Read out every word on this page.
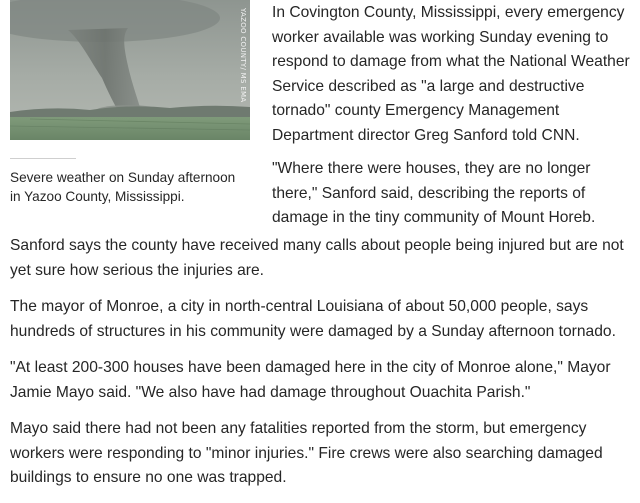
YAZOO COUNTY/ MS EMA
Severe weather on Sunday afternoon in Yazoo County, Mississippi.

In Covington County, Mississippi, every emergency worker available was working Sunday evening to respond to damage from what the National Weather Service described as "a large and destructive tornado" county Emergency Management Department director Greg Sanford told CNN.

"Where there were houses, they are no longer there," Sanford said, describing the reports of damage in the tiny community of Mount Horeb.

Sanford says the county have received many calls about people being injured but are not yet sure how serious the injuries are.

The mayor of Monroe, a city in north-central Louisiana of about 50,000 people, says hundreds of structures in his community were damaged by a Sunday afternoon tornado.

"At least 200-300 houses have been damaged here in the city of Monroe alone," Mayor Jamie Mayo said. "We also have had damage throughout Ouachita Parish."

Mayo said there had not been any fatalities reported from the storm, but emergency workers were responding to "minor injuries." Fire crews were also searching damaged buildings to ensure no one was trapped.
